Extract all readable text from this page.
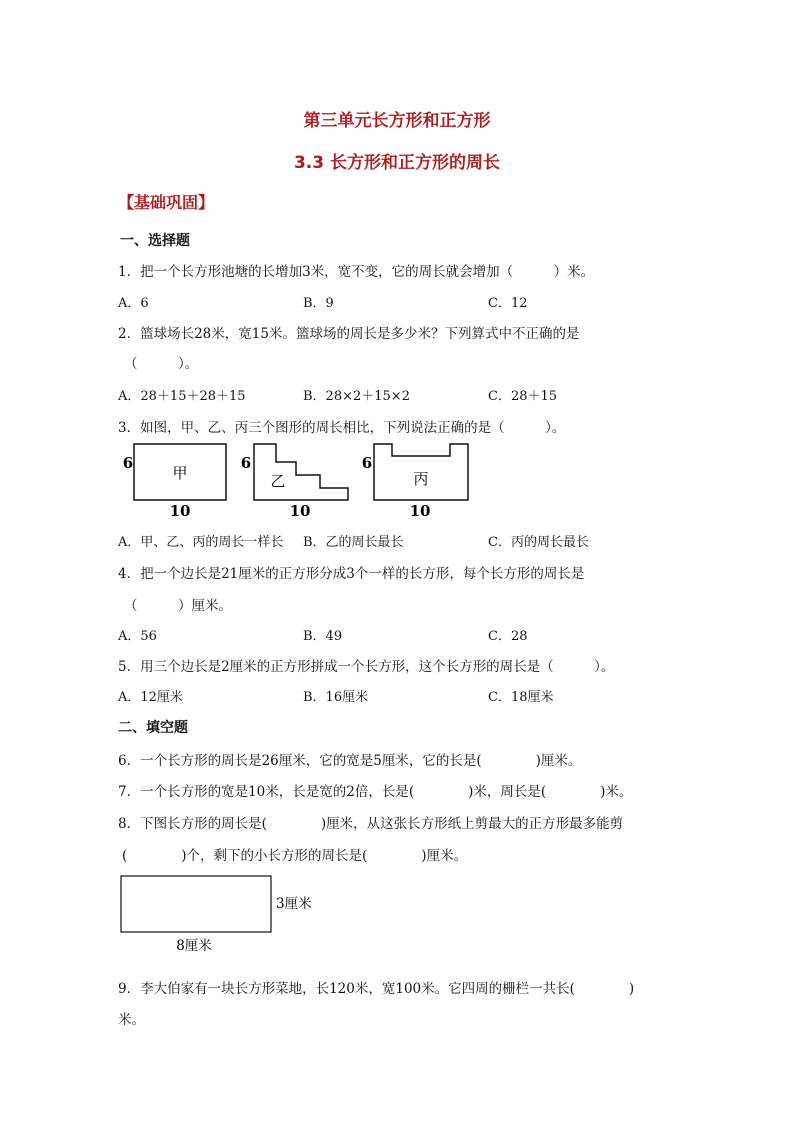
第三单元长方形和正方形
3.3 长方形和正方形的周长
【基础巩固】
一、选择题
1．把一个长方形池塘的长增加3米，宽不变，它的周长就会增加（　　　）米。
A．6	B．9	C．12
2．篮球场长28米，宽15米。篮球场的周长是多少米？下列算式中不正确的是
（　　　）。
A．28＋15＋28＋15	B．28×2＋15×2	C．28＋15
3．如图，甲、乙、丙三个图形的周长相比，下列说法正确的是（　　　）。
甲
6
10
乙
6
10
丙
6
10
A．甲、乙、丙的周长一样长 B．乙的周长最长	C．丙的周长最长
4．把一个边长是21厘米的正方形分成3个一样的长方形，每个长方形的周长是
（　　　）厘米。
A．56	B．49	C．28
5．用三个边长是2厘米的正方形拼成一个长方形，这个长方形的周长是（　　　）。
A．12厘米	B．16厘米	C．18厘米
二、填空题
6．一个长方形的周长是26厘米，它的宽是5厘米，它的长是(　　　　)厘米。
7．一个长方形的宽是10米，长是宽的2倍，长是(　　　　)米，周长是(　　　　)米。
8．下图长方形的周长是(　　　　)厘米，从这张长方形纸上剪最大的正方形最多能剪
(　　　　)个，剩下的小长方形的周长是(　　　　)厘米。
3厘米
8厘米
9．李大伯家有一块长方形菜地，长120米，宽100米。它四周的栅栏一共长(　　　　)
米。
